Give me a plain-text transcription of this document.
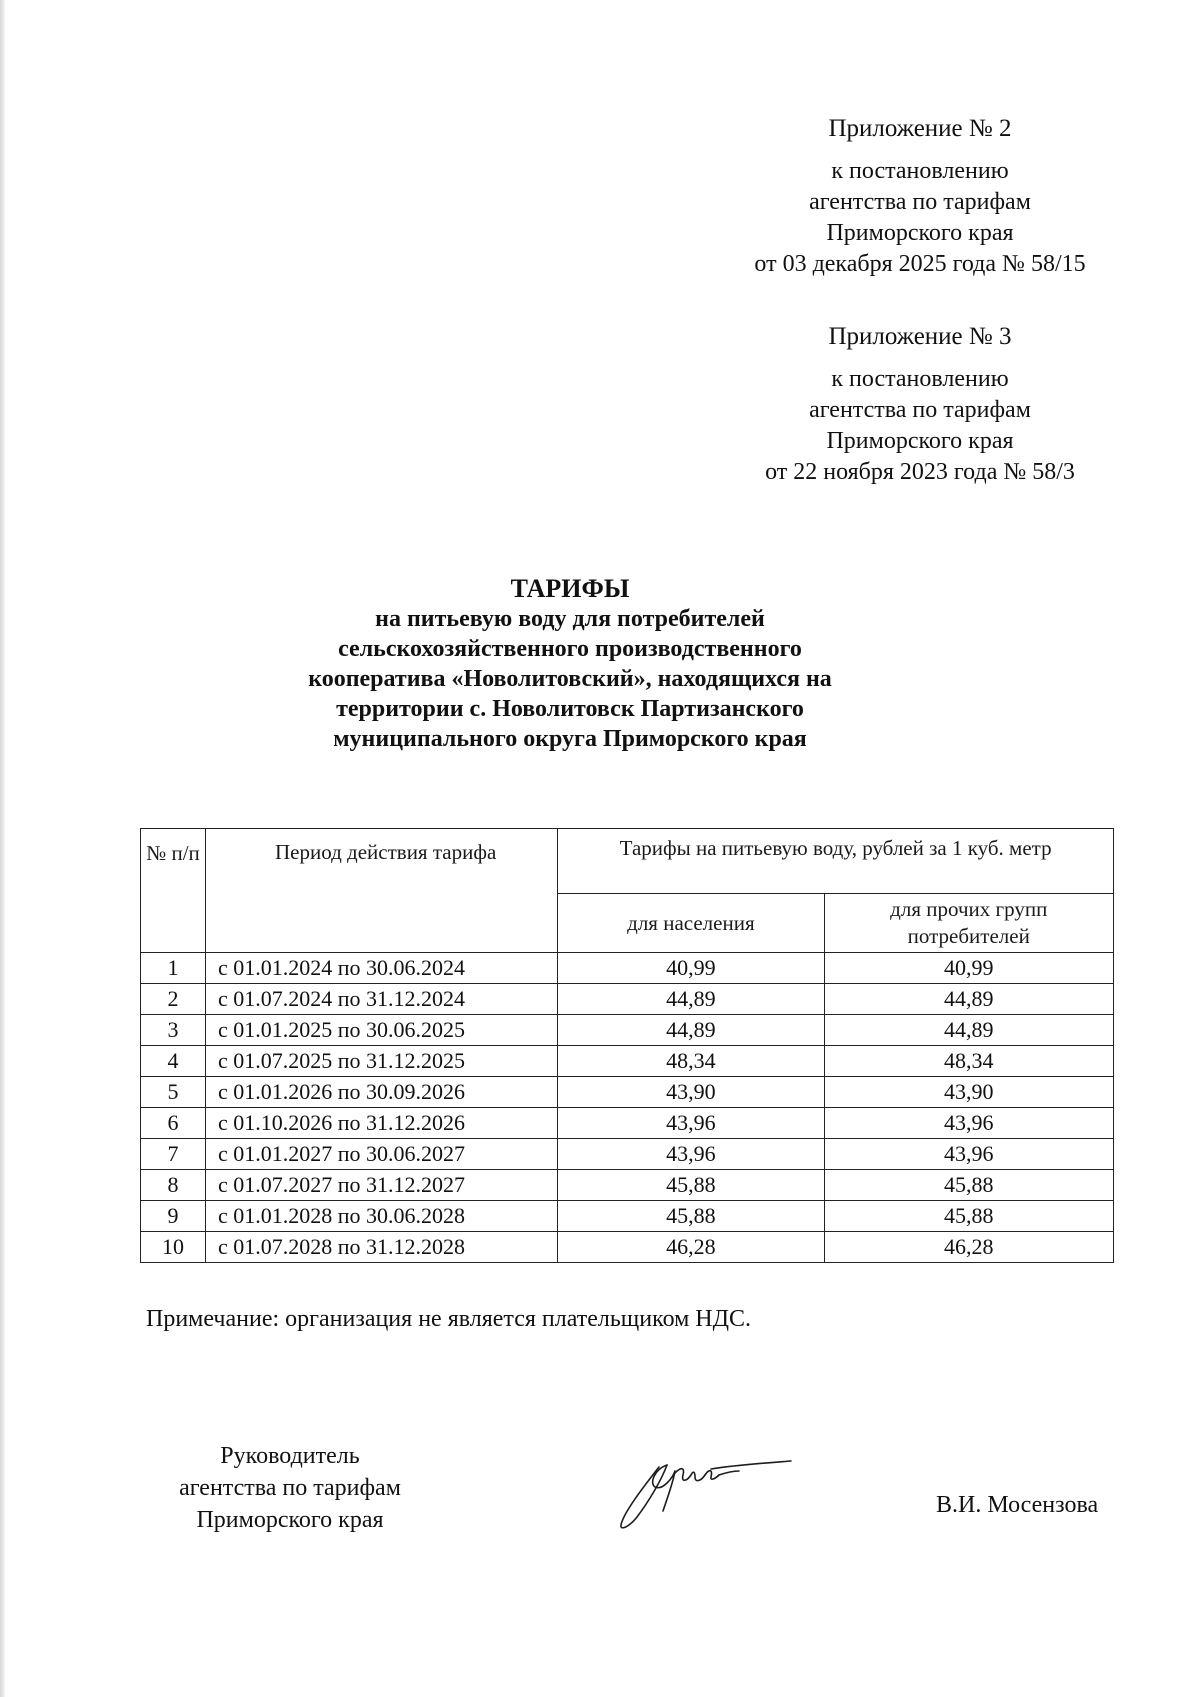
Приложение № 2
к постановлению
агентства по тарифам
Приморского края
от 03 декабря 2025 года № 58/15
Приложение № 3
к постановлению
агентства по тарифам
Приморского края
от 22 ноября 2023 года № 58/3
ТАРИФЫ
на питьевую воду для потребителей
сельскохозяйственного производственного
кооператива «Новолитовский», находящихся на
территории с. Новолитовск Партизанского
муниципального округа Приморского края
№ п/п	Период действия тарифа	Тарифы на питьевую воду, рублей за 1 куб. метр	
		для населения	для прочих групп потребителей
1	с 01.01.2024 по 30.06.2024	40,99	40,99
2	с 01.07.2024 по 31.12.2024	44,89	44,89
3	с 01.01.2025 по 30.06.2025	44,89	44,89
4	с 01.07.2025 по 31.12.2025	48,34	48,34
5	с 01.01.2026 по 30.09.2026	43,90	43,90
6	с 01.10.2026 по 31.12.2026	43,96	43,96
7	с 01.01.2027 по 30.06.2027	43,96	43,96
8	с 01.07.2027 по 31.12.2027	45,88	45,88
9	с 01.01.2028 по 30.06.2028	45,88	45,88
10	с 01.07.2028 по 31.12.2028	46,28	46,28
Примечание: организация не является плательщиком НДС.
Руководитель
агентства по тарифам
Приморского края
В.И. Мосензова
